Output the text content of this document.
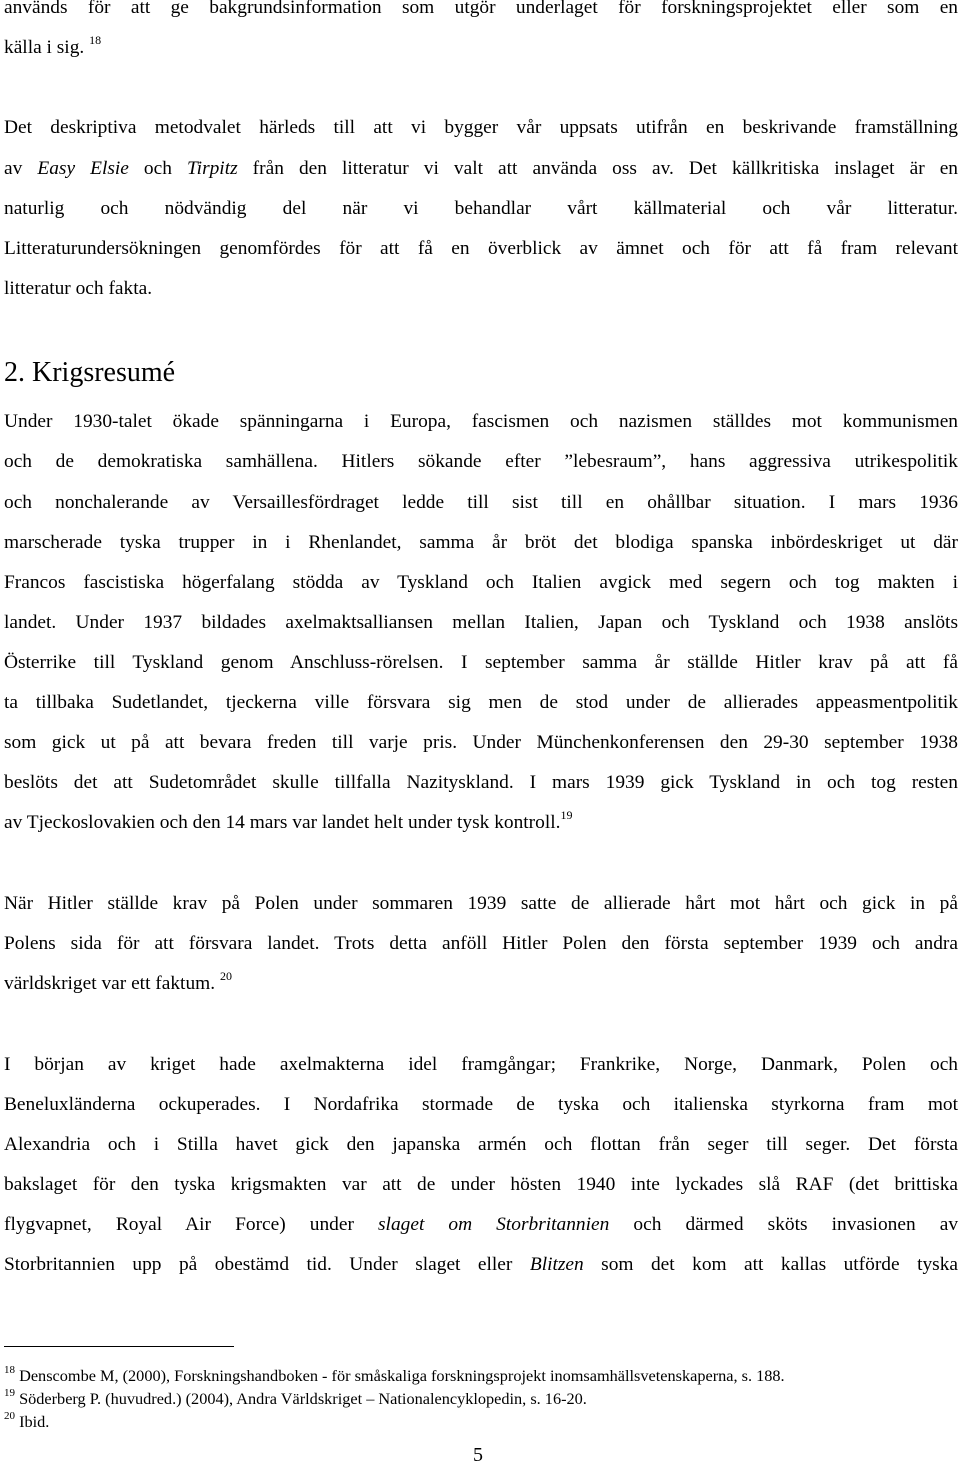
används för att ge bakgrundsinformation som utgör underlaget för forskningsprojektet eller som en
källa i sig. $^{18}$
Det deskriptiva metodvalet härleds till att vi bygger vår uppsats utifrån en beskrivande framställning
av Easy Elsie och Tirpitz från den litteratur vi valt att använda oss av. Det källkritiska inslaget är en
naturlig och nödvändig del när vi behandlar vårt källmaterial och vår litteratur.
Litteraturundersökningen genomfördes för att få en överblick av ämnet och för att få fram relevant
litteratur och fakta.
2. Krigsresumé
Under 1930-talet ökade spänningarna i Europa, fascismen och nazismen ställdes mot kommunismen
och de demokratiska samhällena. Hitlers sökande efter ”lebesraum”, hans aggressiva utrikespolitik
och nonchalerande av Versaillesfördraget ledde till sist till en ohållbar situation. I mars 1936
marscherade tyska trupper in i Rhenlandet, samma år bröt det blodiga spanska inbördeskriget ut där
Francos fascistiska högerfalang stödda av Tyskland och Italien avgick med segern och tog makten i
landet. Under 1937 bildades axelmaktsalliansen mellan Italien, Japan och Tyskland och 1938 anslöts
Österrike till Tyskland genom Anschluss-rörelsen. I september samma år ställde Hitler krav på att få
ta tillbaka Sudetlandet, tjeckerna ville försvara sig men de stod under de allierades appeasmentpolitik
som gick ut på att bevara freden till varje pris. Under Münchenkonferensen den 29-30 september 1938
beslöts det att Sudetområdet skulle tillfalla Nazityskland. I mars 1939 gick Tyskland in och tog resten
av Tjeckoslovakien och den 14 mars var landet helt under tysk kontroll.$^{19}$
När Hitler ställde krav på Polen under sommaren 1939 satte de allierade hårt mot hårt och gick in på
Polens sida för att försvara landet. Trots detta anföll Hitler Polen den första september 1939 och andra
världskriget var ett faktum. $^{20}$
I början av kriget hade axelmakterna idel framgångar; Frankrike, Norge, Danmark, Polen och
Beneluxländerna ockuperades. I Nordafrika stormade de tyska och italienska styrkorna fram mot
Alexandria och i Stilla havet gick den japanska armén och flottan från seger till seger. Det första
bakslaget för den tyska krigsmakten var att de under hösten 1940 inte lyckades slå RAF (det brittiska
flygvapnet, Royal Air Force) under slaget om Storbritannien och därmed sköts invasionen av
Storbritannien upp på obestämd tid. Under slaget eller Blitzen som det kom att kallas utförde tyska
$^{18}$ Denscombe M, (2000), Forskningshandboken - för småskaliga forskningsprojekt inomsamhällsvetenskaperna, s. 188.
$^{19}$ Söderberg P. (huvudred.) (2004), Andra Världskriget – Nationalencyklopedin, s. 16-20.
$^{20}$ Ibid.
5
